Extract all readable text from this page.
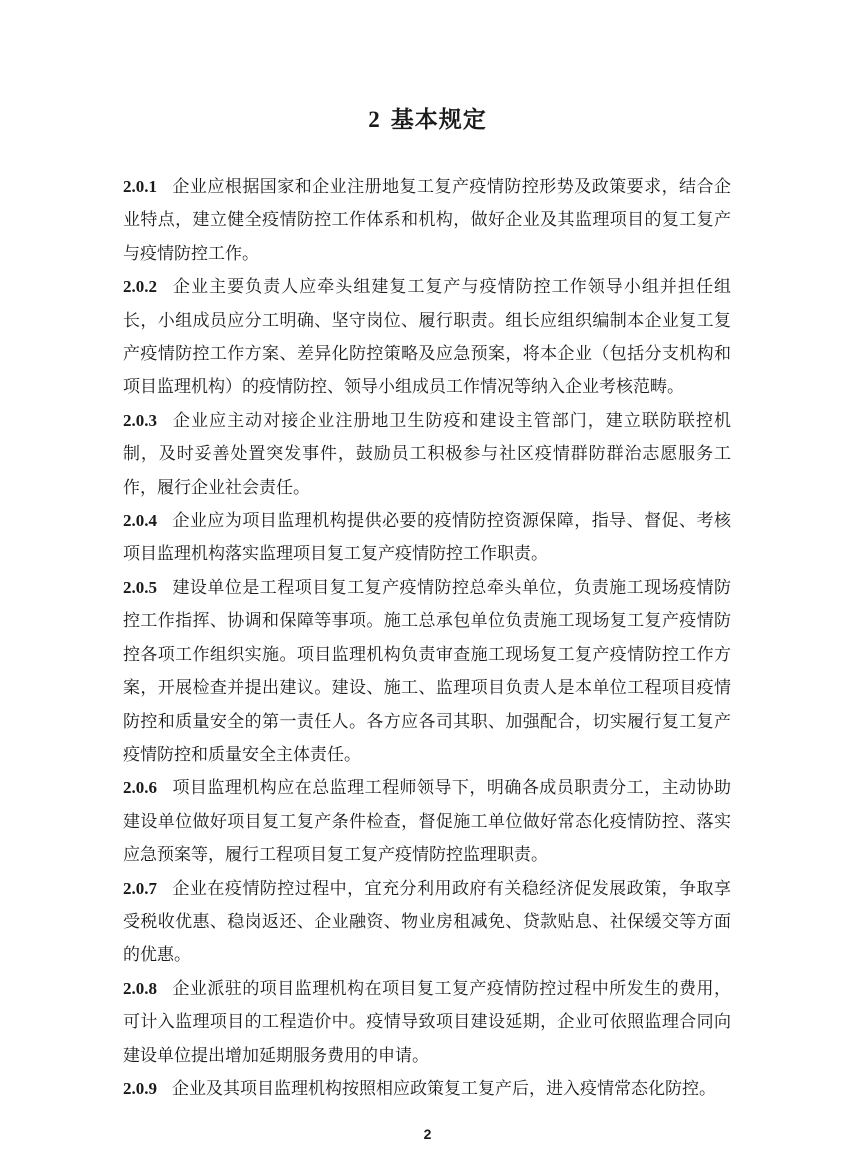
2 基本规定

2.0.1 企业应根据国家和企业注册地复工复产疫情防控形势及政策要求，结合企业特点，建立健全疫情防控工作体系和机构，做好企业及其监理项目的复工复产与疫情防控工作。

2.0.2 企业主要负责人应牵头组建复工复产与疫情防控工作领导小组并担任组长，小组成员应分工明确、坚守岗位、履行职责。组长应组织编制本企业复工复产疫情防控工作方案、差异化防控策略及应急预案，将本企业（包括分支机构和项目监理机构）的疫情防控、领导小组成员工作情况等纳入企业考核范畴。

2.0.3 企业应主动对接企业注册地卫生防疫和建设主管部门，建立联防联控机制，及时妥善处置突发事件，鼓励员工积极参与社区疫情群防群治志愿服务工作，履行企业社会责任。

2.0.4 企业应为项目监理机构提供必要的疫情防控资源保障，指导、督促、考核项目监理机构落实监理项目复工复产疫情防控工作职责。

2.0.5 建设单位是工程项目复工复产疫情防控总牵头单位，负责施工现场疫情防控工作指挥、协调和保障等事项。施工总承包单位负责施工现场复工复产疫情防控各项工作组织实施。项目监理机构负责审查施工现场复工复产疫情防控工作方案，开展检查并提出建议。建设、施工、监理项目负责人是本单位工程项目疫情防控和质量安全的第一责任人。各方应各司其职、加强配合，切实履行复工复产疫情防控和质量安全主体责任。

2.0.6 项目监理机构应在总监理工程师领导下，明确各成员职责分工，主动协助建设单位做好项目复工复产条件检查，督促施工单位做好常态化疫情防控、落实应急预案等，履行工程项目复工复产疫情防控监理职责。

2.0.7 企业在疫情防控过程中，宜充分利用政府有关稳经济促发展政策，争取享受税收优惠、稳岗返还、企业融资、物业房租减免、贷款贴息、社保缓交等方面的优惠。

2.0.8 企业派驻的项目监理机构在项目复工复产疫情防控过程中所发生的费用，可计入监理项目的工程造价中。疫情导致项目建设延期，企业可依照监理合同向建设单位提出增加延期服务费用的申请。

2.0.9 企业及其项目监理机构按照相应政策复工复产后，进入疫情常态化防控。

2
